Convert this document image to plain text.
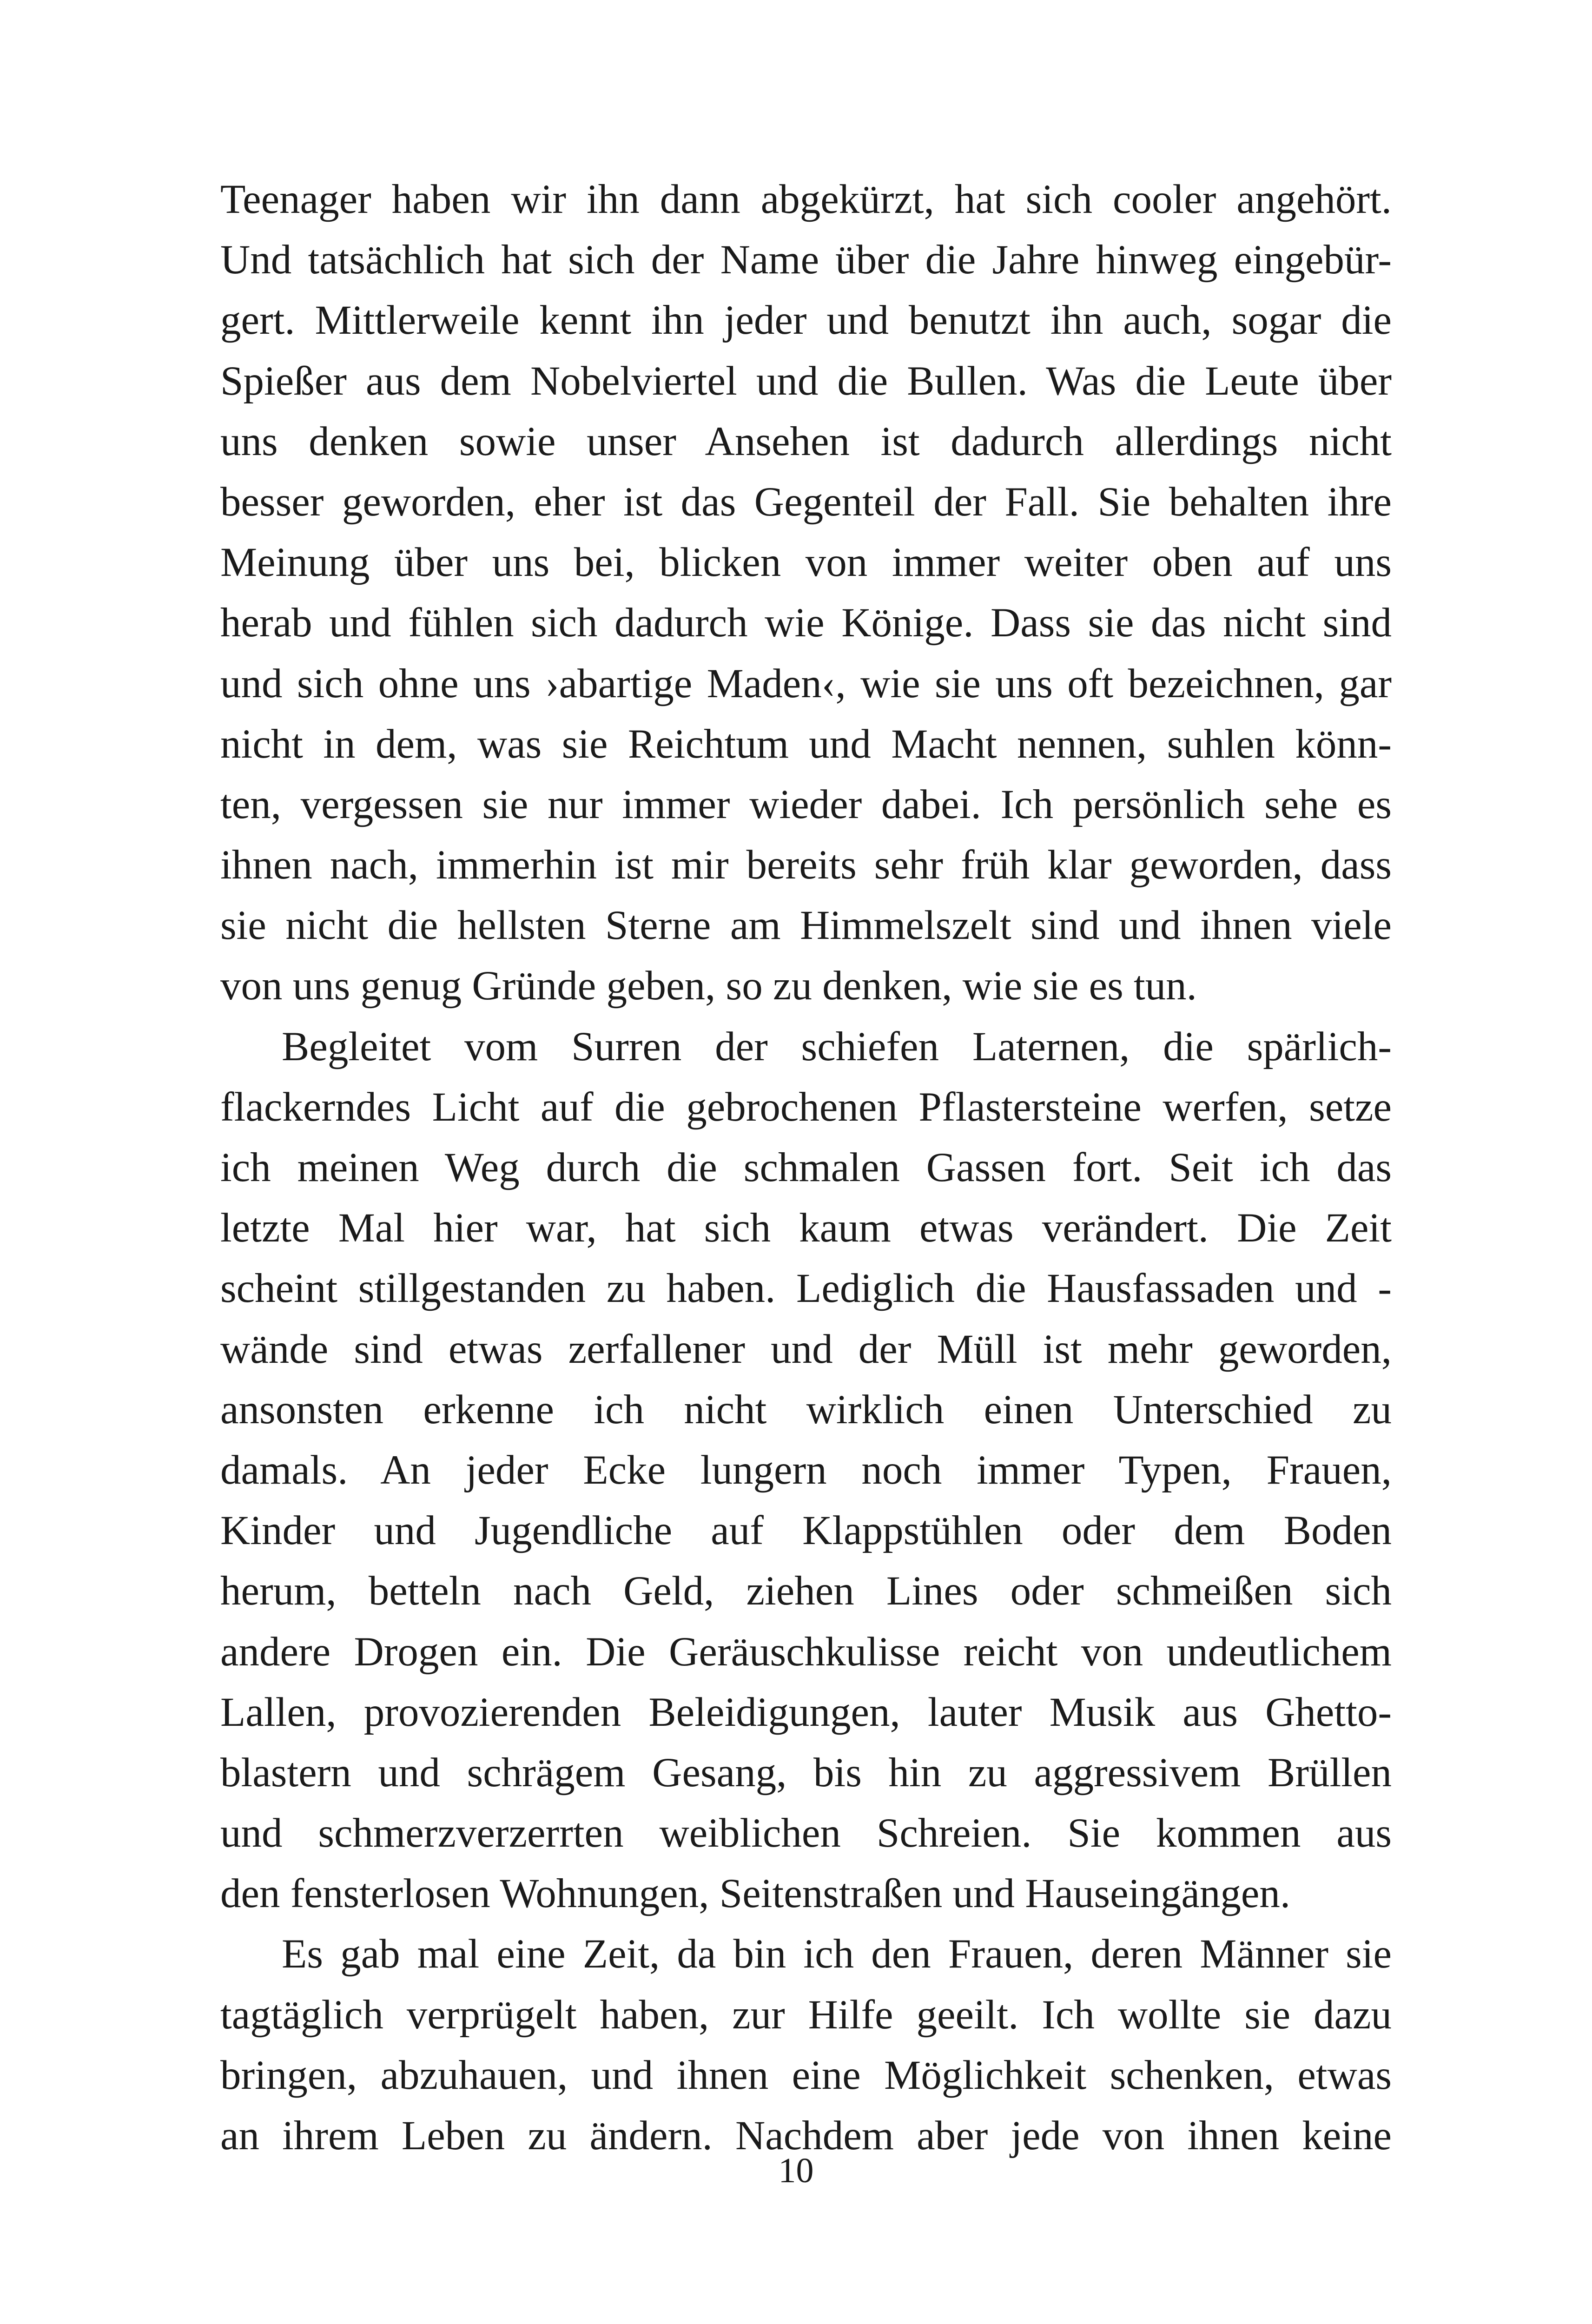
Teenager haben wir ihn dann abgekürzt, hat sich cooler angehört.
Und tatsächlich hat sich der Name über die Jahre hinweg eingebür-
gert. Mittlerweile kennt ihn jeder und benutzt ihn auch, sogar die
Spießer aus dem Nobelviertel und die Bullen. Was die Leute über
uns denken sowie unser Ansehen ist dadurch allerdings nicht
besser geworden, eher ist das Gegenteil der Fall. Sie behalten ihre
Meinung über uns bei, blicken von immer weiter oben auf uns
herab und fühlen sich dadurch wie Könige. Dass sie das nicht sind
und sich ohne uns ›abartige Maden‹, wie sie uns oft bezeichnen, gar
nicht in dem, was sie Reichtum und Macht nennen, suhlen könn-
ten, vergessen sie nur immer wieder dabei. Ich persönlich sehe es
ihnen nach, immerhin ist mir bereits sehr früh klar geworden, dass
sie nicht die hellsten Sterne am Himmelszelt sind und ihnen viele
von uns genug Gründe geben, so zu denken, wie sie es tun.
Begleitet vom Surren der schiefen Laternen, die spärlich-
flackerndes Licht auf die gebrochenen Pflastersteine werfen, setze
ich meinen Weg durch die schmalen Gassen fort. Seit ich das
letzte Mal hier war, hat sich kaum etwas verändert. Die Zeit
scheint stillgestanden zu haben. Lediglich die Hausfassaden und -
wände sind etwas zerfallener und der Müll ist mehr geworden,
ansonsten erkenne ich nicht wirklich einen Unterschied zu
damals. An jeder Ecke lungern noch immer Typen, Frauen,
Kinder und Jugendliche auf Klappstühlen oder dem Boden
herum, betteln nach Geld, ziehen Lines oder schmeißen sich
andere Drogen ein. Die Geräuschkulisse reicht von undeutlichem
Lallen, provozierenden Beleidigungen, lauter Musik aus Ghetto-
blastern und schrägem Gesang, bis hin zu aggressivem Brüllen
und schmerzverzerrten weiblichen Schreien. Sie kommen aus
den fensterlosen Wohnungen, Seitenstraßen und Hauseingängen.
Es gab mal eine Zeit, da bin ich den Frauen, deren Männer sie
tagtäglich verprügelt haben, zur Hilfe geeilt. Ich wollte sie dazu
bringen, abzuhauen, und ihnen eine Möglichkeit schenken, etwas
an ihrem Leben zu ändern. Nachdem aber jede von ihnen keine
10
